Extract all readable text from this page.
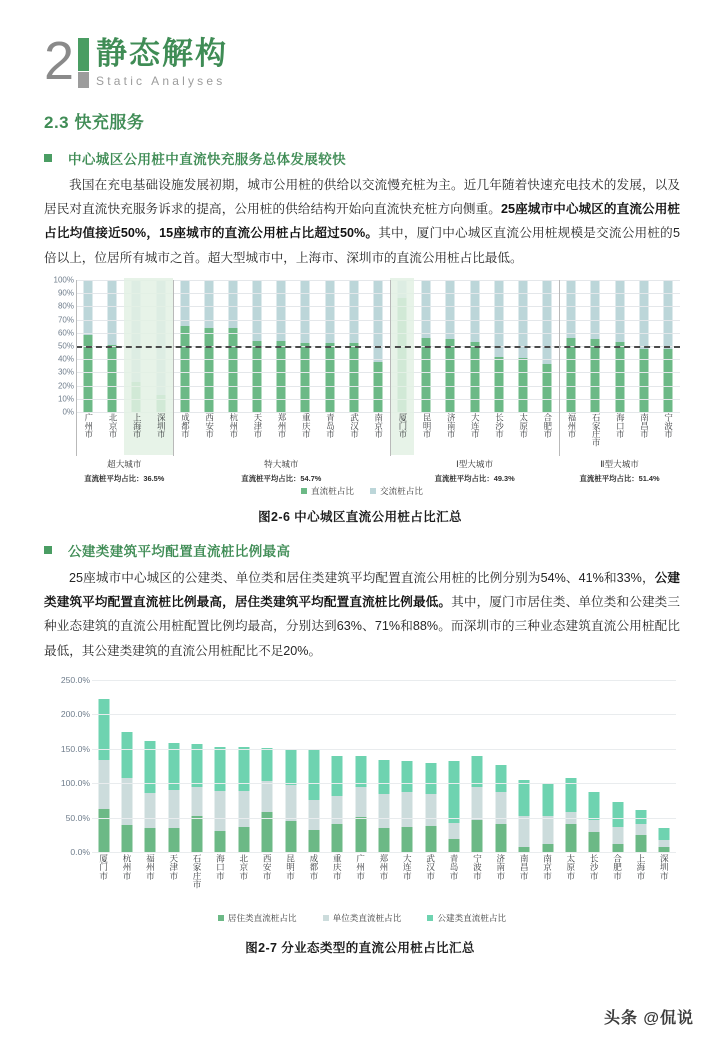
2 静态解构
Static Analyses
2.3 快充服务
中心城区公用桩中直流快充服务总体发展较快
我国在充电基础设施发展初期，城市公用桩的供给以交流慢充桩为主。近几年随着快速充电技术的发展，以及居民对直流快充服务诉求的提高，公用桩的供给结构开始向直流快充桩方向侧重。25座城市中心城区的直流公用桩占比均值接近50%，15座城市的直流公用桩占比超过50%。其中，厦门中心城区直流公用桩规模是交流公用桩的5倍以上，位居所有城市之首。超大型城市中，上海市、深圳市的直流公用桩占比最低。
0%
10%
20%
30%
40%
50%
60%
70%
80%
90%
100%
广州市 北京市 上海市 深圳市 成都市 西安市 杭州市 天津市 郑州市 重庆市 青岛市 武汉市 南京市 厦门市 昆明市 济南市 大连市 长沙市 太原市 合肥市 福州市 石家庄市 海口市 南昌市 宁波市
超大城市
直流桩平均占比：36.5%
特大城市
直流桩平均占比：54.7%
Ⅰ型大城市
直流桩平均占比：49.3%
Ⅱ型大城市
直流桩平均占比：51.4%
直流桩占比	交流桩占比
图2-6 中心城区直流公用桩占比汇总
公建类建筑平均配置直流桩比例最高
25座城市中心城区的公建类、单位类和居住类建筑平均配置直流公用桩的比例分别为54%、41%和33%，公建类建筑平均配置直流桩比例最高，居住类建筑平均配置直流桩比例最低。其中，厦门市居住类、单位类和公建类三种业态建筑的直流公用桩配置比例均最高，分别达到63%、71%和88%。而深圳市的三种业态建筑直流公用桩配比最低，其公建类建筑的直流公用桩配比不足20%。
0.0%
50.0%
100.0%
150.0%
200.0%
250.0%
厦门市 杭州市 福州市 天津市 石家庄市 海口市 北京市 西安市 昆明市 成都市 重庆市 广州市 郑州市 大连市 武汉市 青岛市 宁波市 济南市 南昌市 南京市 太原市 长沙市 合肥市 上海市 深圳市
居住类直流桩占比	单位类直流桩占比	公建类直流桩占比
图2-7 分业态类型的直流公用桩占比汇总
头条 @侃说
